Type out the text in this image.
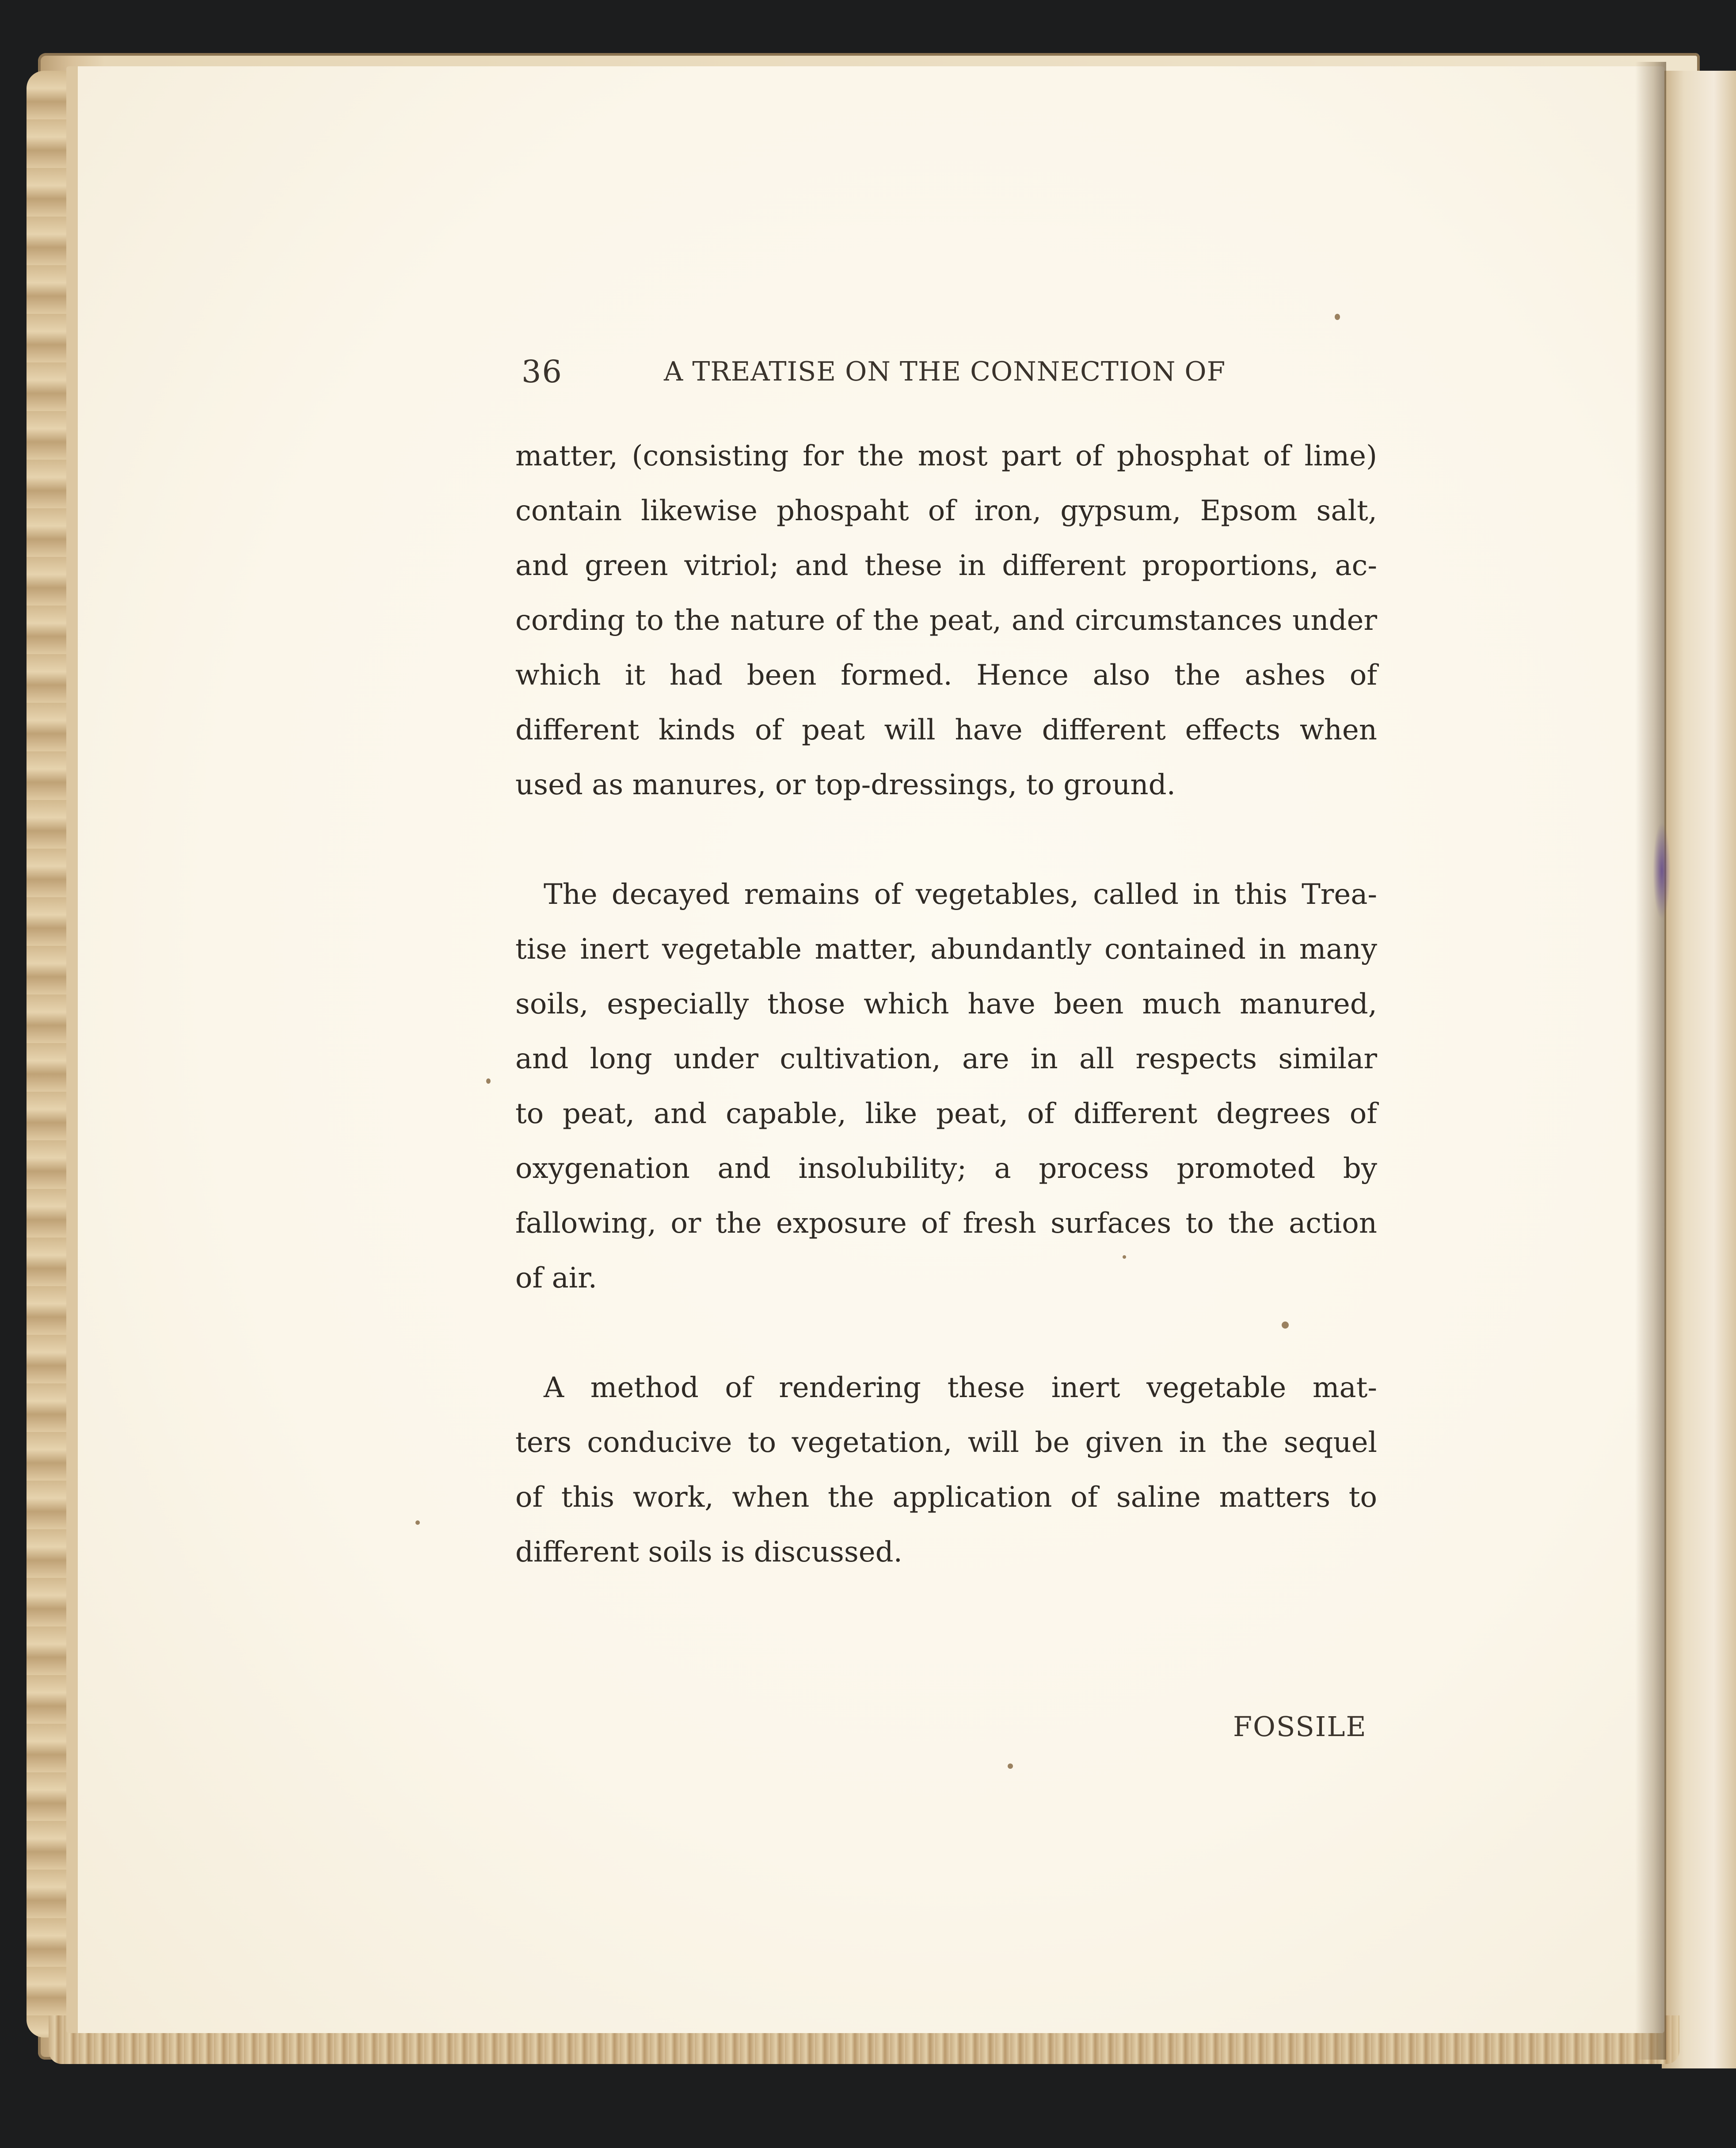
36	A TREATISE ON THE CONNECTION OF
matter, (consisting for the most part of phosphat of lime)
contain likewise phospaht of iron, gypsum, Epsom salt,
and green vitriol; and these in different proportions, ac-
cording to the nature of the peat, and circumstances under
which it had been formed. Hence also the ashes of
different kinds of peat will have different effects when
used as manures, or top-dressings, to ground.
The decayed remains of vegetables, called in this Trea-
tise inert vegetable matter, abundantly contained in many
soils, especially those which have been much manured,
and long under cultivation, are in all respects similar
to peat, and capable, like peat, of different degrees of
oxygenation and insolubility; a process promoted by
fallowing, or the exposure of fresh surfaces to the action
of air.
A method of rendering these inert vegetable mat-
ters conducive to vegetation, will be given in the sequel
of this work, when the application of saline matters to
different soils is discussed.
FOSSILE
